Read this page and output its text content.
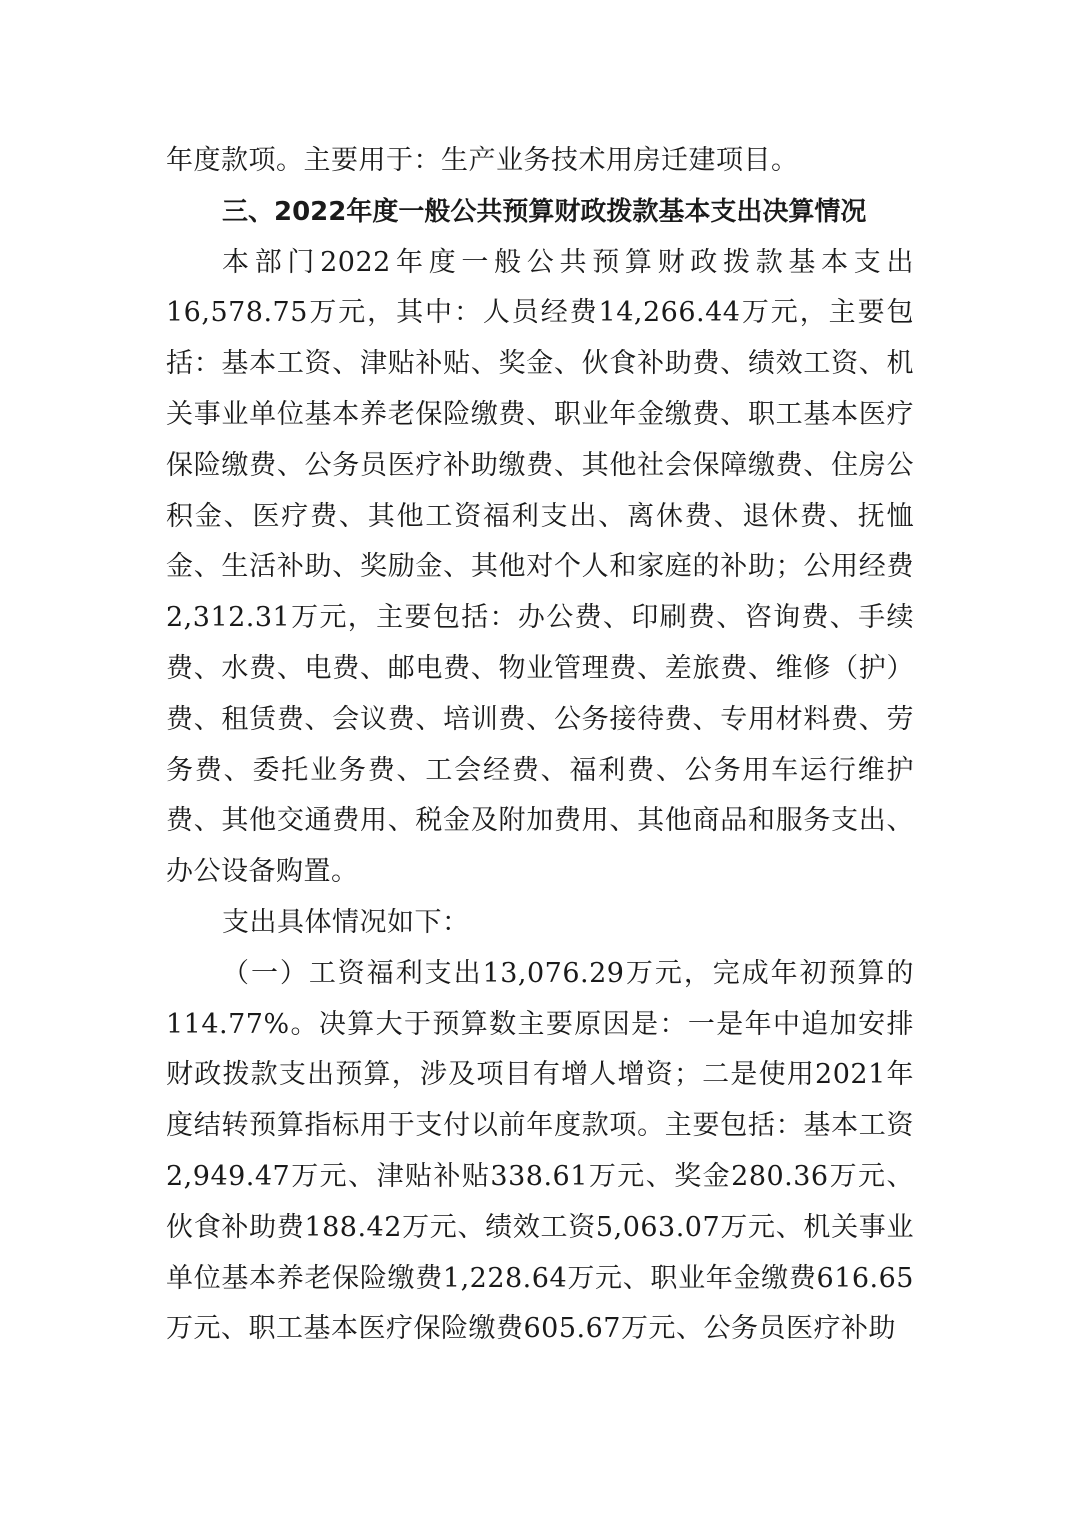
年度款项。主要用于：生产业务技术用房迁建项目。

三、2022年度一般公共预算财政拨款基本支出决算情况

本部门2022年度一般公共预算财政拨款基本支出16,578.75万元，其中：人员经费14,266.44万元，主要包括：基本工资、津贴补贴、奖金、伙食补助费、绩效工资、机关事业单位基本养老保险缴费、职业年金缴费、职工基本医疗保险缴费、公务员医疗补助缴费、其他社会保障缴费、住房公积金、医疗费、其他工资福利支出、离休费、退休费、抚恤金、生活补助、奖励金、其他对个人和家庭的补助；公用经费2,312.31万元，主要包括：办公费、印刷费、咨询费、手续费、水费、电费、邮电费、物业管理费、差旅费、维修（护）费、租赁费、会议费、培训费、公务接待费、专用材料费、劳务费、委托业务费、工会经费、福利费、公务用车运行维护费、其他交通费用、税金及附加费用、其他商品和服务支出、办公设备购置。

支出具体情况如下：

（一）工资福利支出13,076.29万元，完成年初预算的114.77%。决算大于预算数主要原因是：一是年中追加安排财政拨款支出预算，涉及项目有增人增资；二是使用2021年度结转预算指标用于支付以前年度款项。主要包括：基本工资2,949.47万元、津贴补贴338.61万元、奖金280.36万元、伙食补助费188.42万元、绩效工资5,063.07万元、机关事业单位基本养老保险缴费1,228.64万元、职业年金缴费616.65万元、职工基本医疗保险缴费605.67万元、公务员医疗补助
